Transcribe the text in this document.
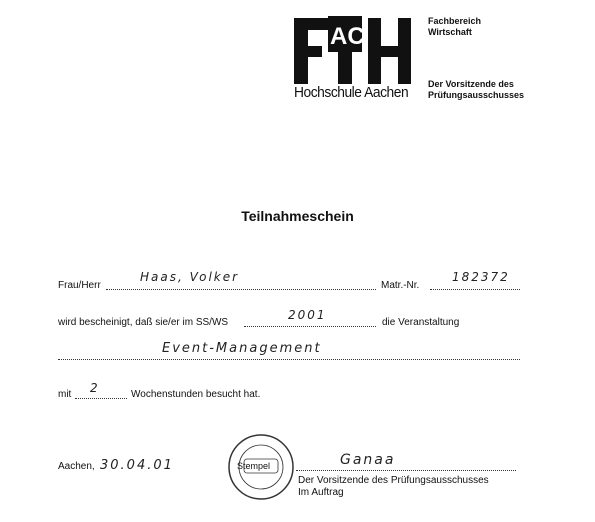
AC
Hochschule Aachen
Fachbereich
Wirtschaft
Der Vorsitzende des
Prüfungsausschusses
Teilnahmeschein
Frau/Herr
Haas, Volker
Matr.-Nr.
182372
wird bescheinigt, daß sie/er im SS/WS
2001
die Veranstaltung
Event-Management
mit 2	Wochenstunden besucht hat.
Aachen, 30.04.01	Stempel	Ganaa
Der Vorsitzende des Prüfungsausschusses
Im Auftrag
